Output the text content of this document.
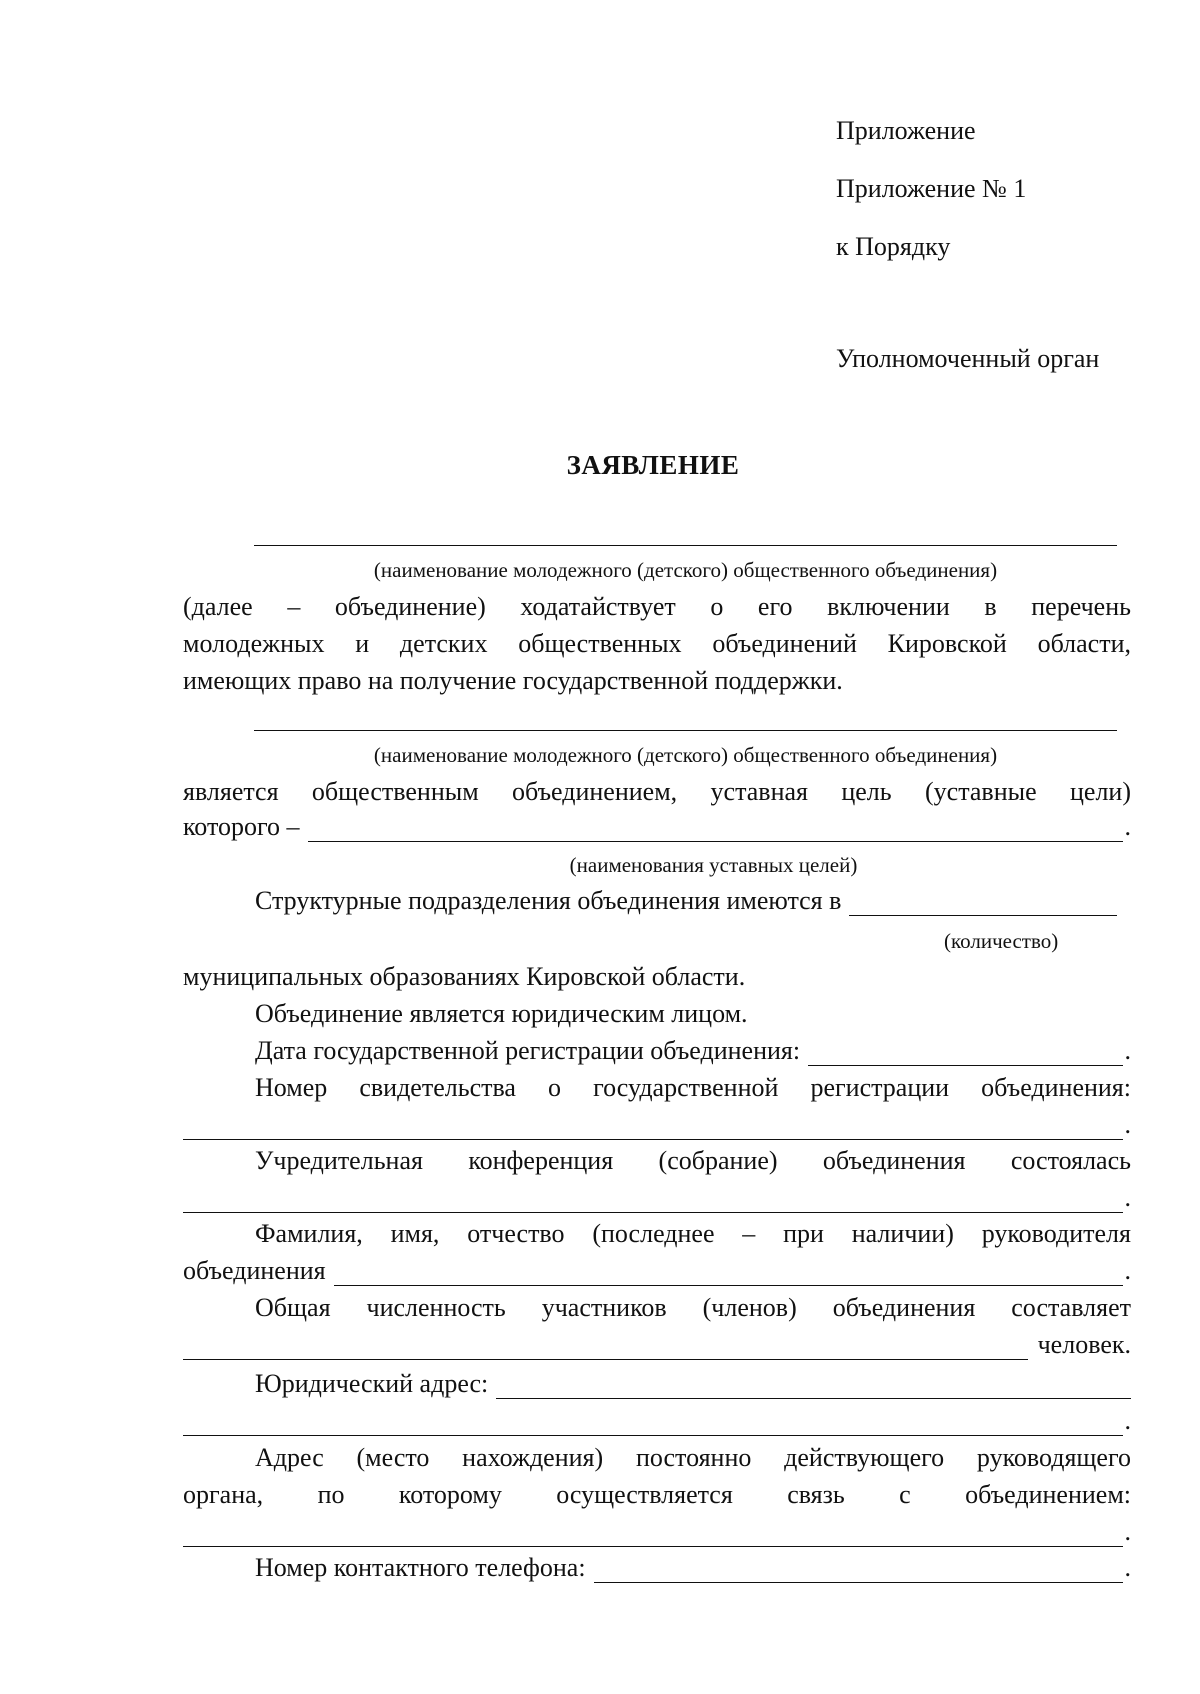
Приложение
Приложение № 1
к Порядку
Уполномоченный орган
ЗАЯВЛЕНИЕ
(наименование молодежного (детского) общественного объединения)
(далее – объединение) ходатайствует о его включении в перечень
молодежных и детских общественных объединений Кировской области,
имеющих право на получение государственной поддержки.
(наименование молодежного (детского) общественного объединения)
является общественным объединением, уставная цель (уставные цели)
которого –	.
(наименования уставных целей)
Структурные подразделения объединения имеются в
(количество)
муниципальных образованиях Кировской области.
Объединение является юридическим лицом.
Дата государственной регистрации объединения:	.
Номер свидетельства о государственной регистрации объединения:
.
Учредительная конференция (собрание) объединения состоялась
.
Фамилия, имя, отчество (последнее – при наличии) руководителя
объединения	.
Общая численность участников (членов) объединения составляет
человек.
Юридический адрес:
.
Адрес (место нахождения) постоянно действующего руководящего
органа, по которому осуществляется связь с объединением:
.
Номер контактного телефона:	.
